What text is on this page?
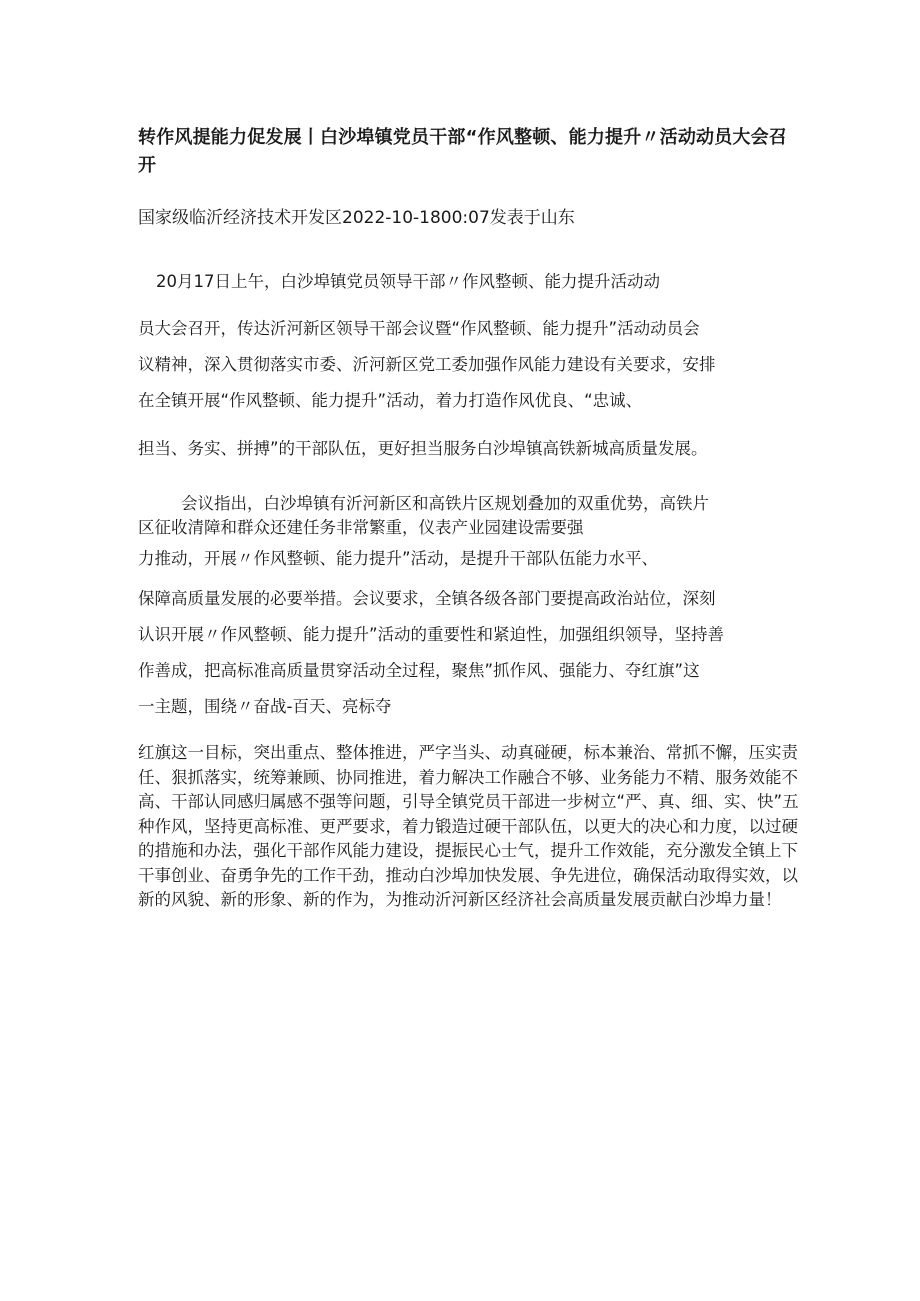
转作风提能力促发展丨白沙埠镇党员干部“作风整顿、能力提升〃活动动员大会召开

国家级临沂经济技术开发区2022-10-1800:07发表于山东

20月17日上午，白沙埠镇党员领导干部〃作风整顿、能力提升活动动

员大会召开，传达沂河新区领导干部会议暨“作风整顿、能力提升”活动动员会

议精神，深入贯彻落实市委、沂河新区党工委加强作风能力建设有关要求，安排

在全镇开展“作风整顿、能力提升”活动，着力打造作风优良、“忠诚、

担当、务实、拼搏”的干部队伍，更好担当服务白沙埠镇高铁新城高质量发展。

会议指出，白沙埠镇有沂河新区和高铁片区规划叠加的双重优势，高铁片

区征收清障和群众还建任务非常繁重，仪表产业园建设需要强

力推动，开展〃作风整顿、能力提升”活动，是提升干部队伍能力水平、

保障高质量发展的必要举措。会议要求，全镇各级各部门要提高政治站位，深刻

认识开展〃作风整顿、能力提升”活动的重要性和紧迫性，加强组织领导，坚持善

作善成，把高标准高质量贯穿活动全过程，聚焦”抓作风、强能力、夺红旗”这

一主题，围绕〃奋战-百天、亮标夺

红旗这一目标，突出重点、整体推进，严字当头、动真碰硬，标本兼治、常抓不懈，压实责任、狠抓落实，统筹兼顾、协同推进，着力解决工作融合不够、业务能力不精、服务效能不高、干部认同感归属感不强等问题，引导全镇党员干部进一步树立“严、真、细、实、快”五种作风，坚持更高标准、更严要求，着力锻造过硬干部队伍，以更大的决心和力度，以过硬的措施和办法，强化干部作风能力建设，提振民心士气，提升工作效能，充分激发全镇上下干事创业、奋勇争先的工作干劲，推动白沙埠加快发展、争先进位，确保活动取得实效，以新的风貌、新的形象、新的作为，为推动沂河新区经济社会高质量发展贡献白沙埠力量！
